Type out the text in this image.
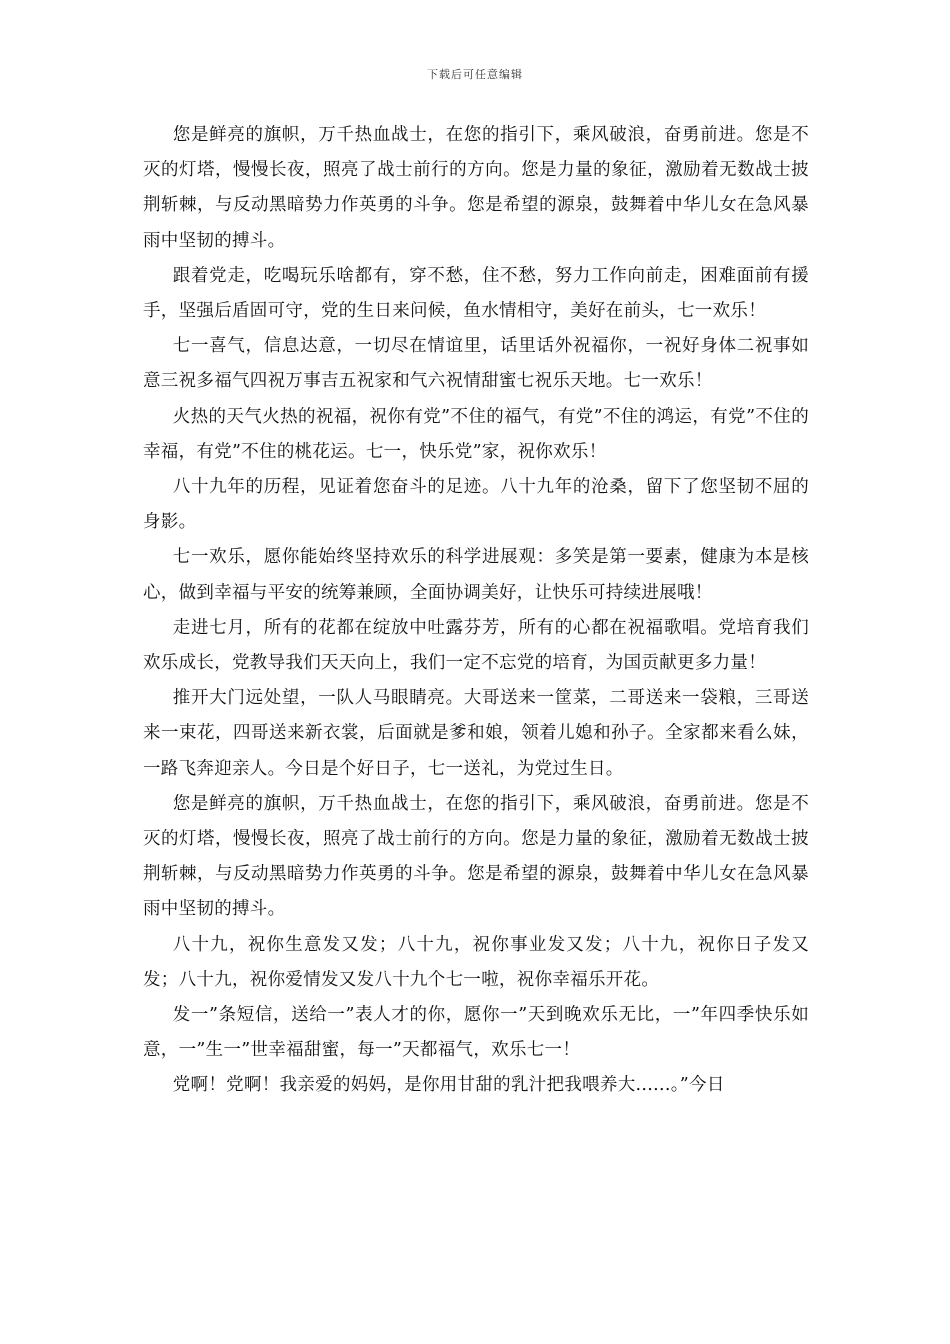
下载后可任意编辑

您是鲜亮的旗帜，万千热血战士，在您的指引下，乘风破浪，奋勇前进。您是不灭的灯塔，慢慢长夜，照亮了战士前行的方向。您是力量的象征，激励着无数战士披荆斩棘，与反动黑暗势力作英勇的斗争。您是希望的源泉，鼓舞着中华儿女在急风暴雨中坚韧的搏斗。

跟着党走，吃喝玩乐啥都有，穿不愁，住不愁，努力工作向前走，困难面前有援手，坚强后盾固可守，党的生日来问候，鱼水情相守，美好在前头，七一欢乐！

七一喜气，信息达意，一切尽在情谊里，话里话外祝福你，一祝好身体二祝事如意三祝多福气四祝万事吉五祝家和气六祝情甜蜜七祝乐天地。七一欢乐！

火热的天气火热的祝福，祝你有党”不住的福气，有党”不住的鸿运，有党”不住的幸福，有党”不住的桃花运。七一，快乐党”家，祝你欢乐！

八十九年的历程，见证着您奋斗的足迹。八十九年的沧桑，留下了您坚韧不屈的身影。

七一欢乐，愿你能始终坚持欢乐的科学进展观：多笑是第一要素，健康为本是核心，做到幸福与平安的统筹兼顾，全面协调美好，让快乐可持续进展哦！

走进七月，所有的花都在绽放中吐露芬芳，所有的心都在祝福歌唱。党培育我们欢乐成长，党教导我们天天向上，我们一定不忘党的培育，为国贡献更多力量！

推开大门远处望，一队人马眼睛亮。大哥送来一筐菜，二哥送来一袋粮，三哥送来一束花，四哥送来新衣裳，后面就是爹和娘，领着儿媳和孙子。全家都来看么妹，一路飞奔迎亲人。今日是个好日子，七一送礼，为党过生日。

您是鲜亮的旗帜，万千热血战士，在您的指引下，乘风破浪，奋勇前进。您是不灭的灯塔，慢慢长夜，照亮了战士前行的方向。您是力量的象征，激励着无数战士披荆斩棘，与反动黑暗势力作英勇的斗争。您是希望的源泉，鼓舞着中华儿女在急风暴雨中坚韧的搏斗。

八十九，祝你生意发又发；八十九，祝你事业发又发；八十九，祝你日子发又发；八十九，祝你爱情发又发八十九个七一啦，祝你幸福乐开花。

发一”条短信，送给一”表人才的你，愿你一”天到晚欢乐无比，一”年四季快乐如意，一”生一”世幸福甜蜜，每一”天都福气，欢乐七一！

党啊！党啊！我亲爱的妈妈，是你用甘甜的乳汁把我喂养大......。”今日
